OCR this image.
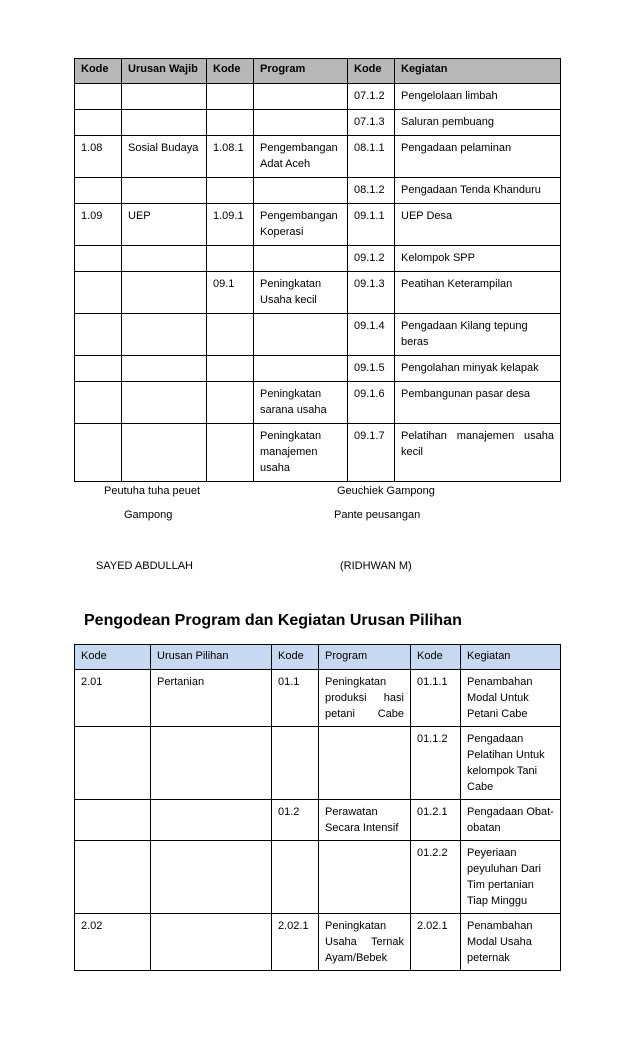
Kode	Urusan Wajib	Kode	Program	Kode	Kegiatan
				07.1.2	Pengelolaan limbah
				07.1.3	Saluran pembuang
1.08	Sosial Budaya	1.08.1	Pengembangan Adat Aceh	08.1.1	Pengadaan pelaminan
				08.1.2	Pengadaan Tenda Khanduru
1.09	UEP	1.09.1	Pengembangan Koperasi	09.1.1	UEP Desa
				09.1.2	Kelompok SPP
		09.1	Peningkatan Usaha kecil	09.1.3	Peatihan Keterampilan
				09.1.4	Pengadaan Kilang tepung beras
				09.1.5	Pengolahan minyak kelapak
			Peningkatan sarana usaha	09.1.6	Pembangunan pasar desa
			Peningkatan manajemen usaha	09.1.7	Pelatihan manajemen usaha kecil
Peutuha tuha peuet
Gampong
Geuchiek Gampong
Pante peusangan
SAYED ABDULLAH	(RIDHWAN M)
Pengodean Program dan Kegiatan Urusan Pilihan
Kode	Urusan Pilihan	Kode	Program	Kode	Kegiatan
2.01	Pertanian	01.1	Peningkatan produksi hasi petani Cabe	01.1.1	Penambahan Modal Untuk Petani Cabe
				01.1.2	Pengadaan Pelatihan Untuk kelompok Tani Cabe
		01.2	Perawatan Secara Intensif	01.2.1	Pengadaan Obat-obatan
				01.2.2	Peyeriaan peyuluhan Dari Tim pertanian Tiap Minggu
2.02		2.02.1	Peningkatan Usaha Ternak Ayam/Bebek	2.02.1	Penambahan Modal Usaha peternak
